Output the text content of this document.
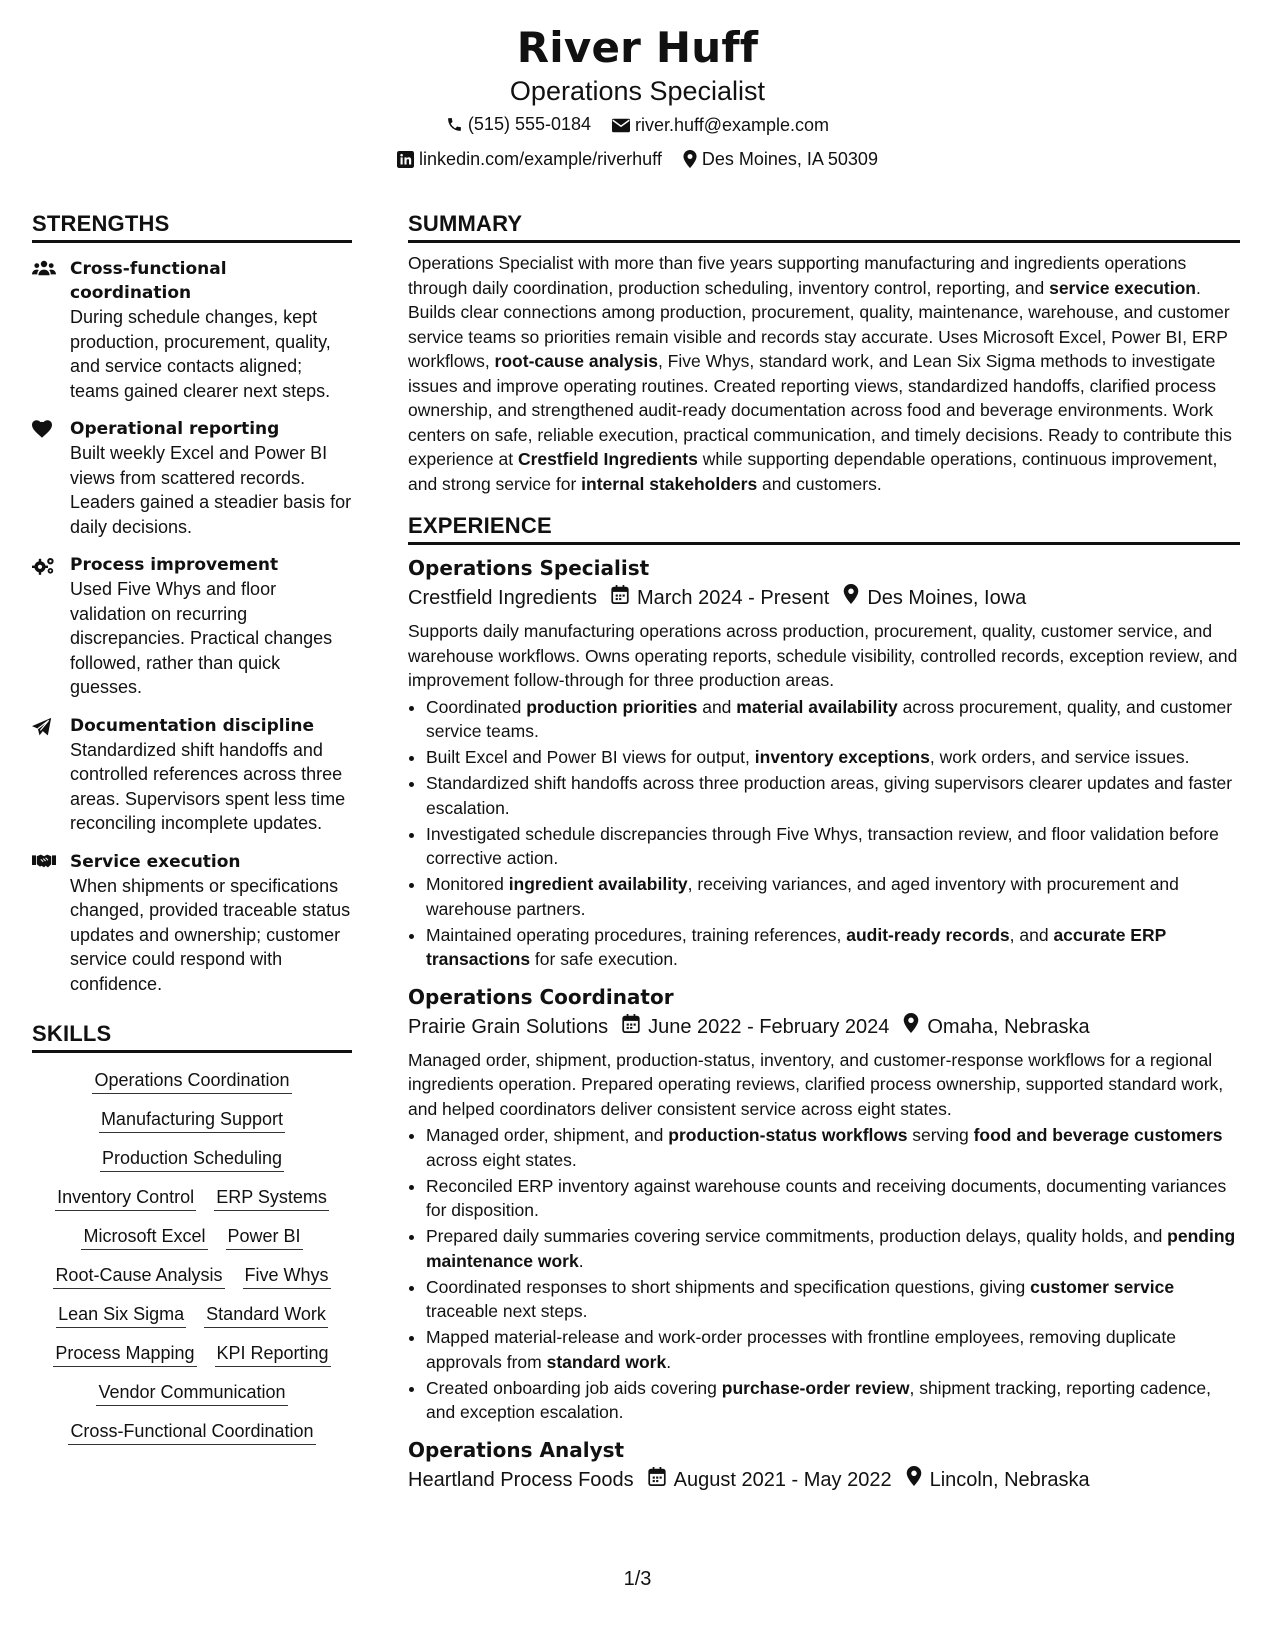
River Huff
Operations Specialist
(515) 555-0184
river.huff@example.com
linkedin.com/example/riverhuff
Des Moines, IA 50309
STRENGTHS
Cross-functional coordination
During schedule changes, kept production, procurement, quality, and service contacts aligned; teams gained clearer next steps.
Operational reporting
Built weekly Excel and Power BI views from scattered records. Leaders gained a steadier basis for daily decisions.
Process improvement
Used Five Whys and floor validation on recurring discrepancies. Practical changes followed, rather than quick guesses.
Documentation discipline
Standardized shift handoffs and controlled references across three areas. Supervisors spent less time reconciling incomplete updates.
Service execution
When shipments or specifications changed, provided traceable status updates and ownership; customer service could respond with confidence.
SKILLS
Operations Coordination
Manufacturing Support
Production Scheduling
Inventory Control ERP Systems
Microsoft Excel Power BI
Root-Cause Analysis Five Whys
Lean Six Sigma Standard Work
Process Mapping KPI Reporting
Vendor Communication
Cross-Functional Coordination
SUMMARY

Operations Specialist with more than five years supporting manufacturing and ingredients operations through daily coordination, production scheduling, inventory control, reporting, and service execution. Builds clear connections among production, procurement, quality, maintenance, warehouse, and customer service teams so priorities remain visible and records stay accurate. Uses Microsoft Excel, Power BI, ERP workflows, root-cause analysis, Five Whys, standard work, and Lean Six Sigma methods to investigate issues and improve operating routines. Created reporting views, standardized handoffs, clarified process ownership, and strengthened audit-ready documentation across food and beverage environments. Work centers on safe, reliable execution, practical communication, and timely decisions. Ready to contribute this experience at Crestfield Ingredients while supporting dependable operations, continuous improvement, and strong service for internal stakeholders and customers.

EXPERIENCE
Operations Specialist
Crestfield Ingredients March 2024 - Present Des Moines, Iowa
Supports daily manufacturing operations across production, procurement, quality, customer service, and warehouse workflows. Owns operating reports, schedule visibility, controlled records, exception review, and improvement follow-through for three production areas.
• Coordinated production priorities and material availability across procurement, quality, and customer service teams.
• Built Excel and Power BI views for output, inventory exceptions, work orders, and service issues.
• Standardized shift handoffs across three production areas, giving supervisors clearer updates and faster escalation.
• Investigated schedule discrepancies through Five Whys, transaction review, and floor validation before corrective action.
• Monitored ingredient availability, receiving variances, and aged inventory with procurement and warehouse partners.
• Maintained operating procedures, training references, audit-ready records, and accurate ERP transactions for safe execution.
Operations Coordinator
Prairie Grain Solutions June 2022 - February 2024 Omaha, Nebraska
Managed order, shipment, production-status, inventory, and customer-response workflows for a regional ingredients operation. Prepared operating reviews, clarified process ownership, supported standard work, and helped coordinators deliver consistent service across eight states.
• Managed order, shipment, and production-status workflows serving food and beverage customers across eight states.
• Reconciled ERP inventory against warehouse counts and receiving documents, documenting variances for disposition.
• Prepared daily summaries covering service commitments, production delays, quality holds, and pending maintenance work.
• Coordinated responses to short shipments and specification questions, giving customer service traceable next steps.
• Mapped material-release and work-order processes with frontline employees, removing duplicate approvals from standard work.
• Created onboarding job aids covering purchase-order review, shipment tracking, reporting cadence, and exception escalation.
Operations Analyst
Heartland Process Foods August 2021 - May 2022 Lincoln, Nebraska
1/3
